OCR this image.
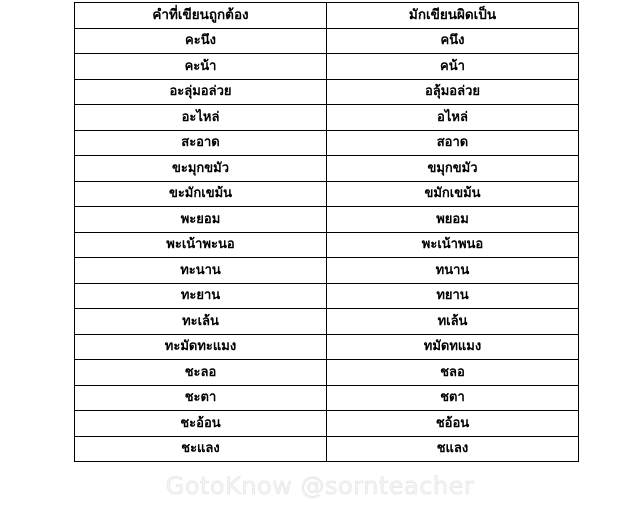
คำที่เขียนถูกต้อง	มักเขียนผิดเป็น
คะนึง	คนึง
คะน้า	คน้า
อะลุ่มอล่วย	อลุ้มอล่วย
อะไหล่	อไหล่
สะอาด	สอาด
ขะมุกขมัว	ขมุกขมัว
ขะมักเขม้น	ขมักเขม้น
พะยอม	พยอม
พะเน้าพะนอ	พะเน้าพนอ
ทะนาน	ทนาน
ทะยาน	ทยาน
ทะเล้น	ทเล้น
ทะมัดทะแมง	ทมัดทแมง
ชะลอ	ชลอ
ชะตา	ชตา
ชะอ้อน	ชอ้อน
ชะแลง	ชแลง
GotoKnow @sornteacher
